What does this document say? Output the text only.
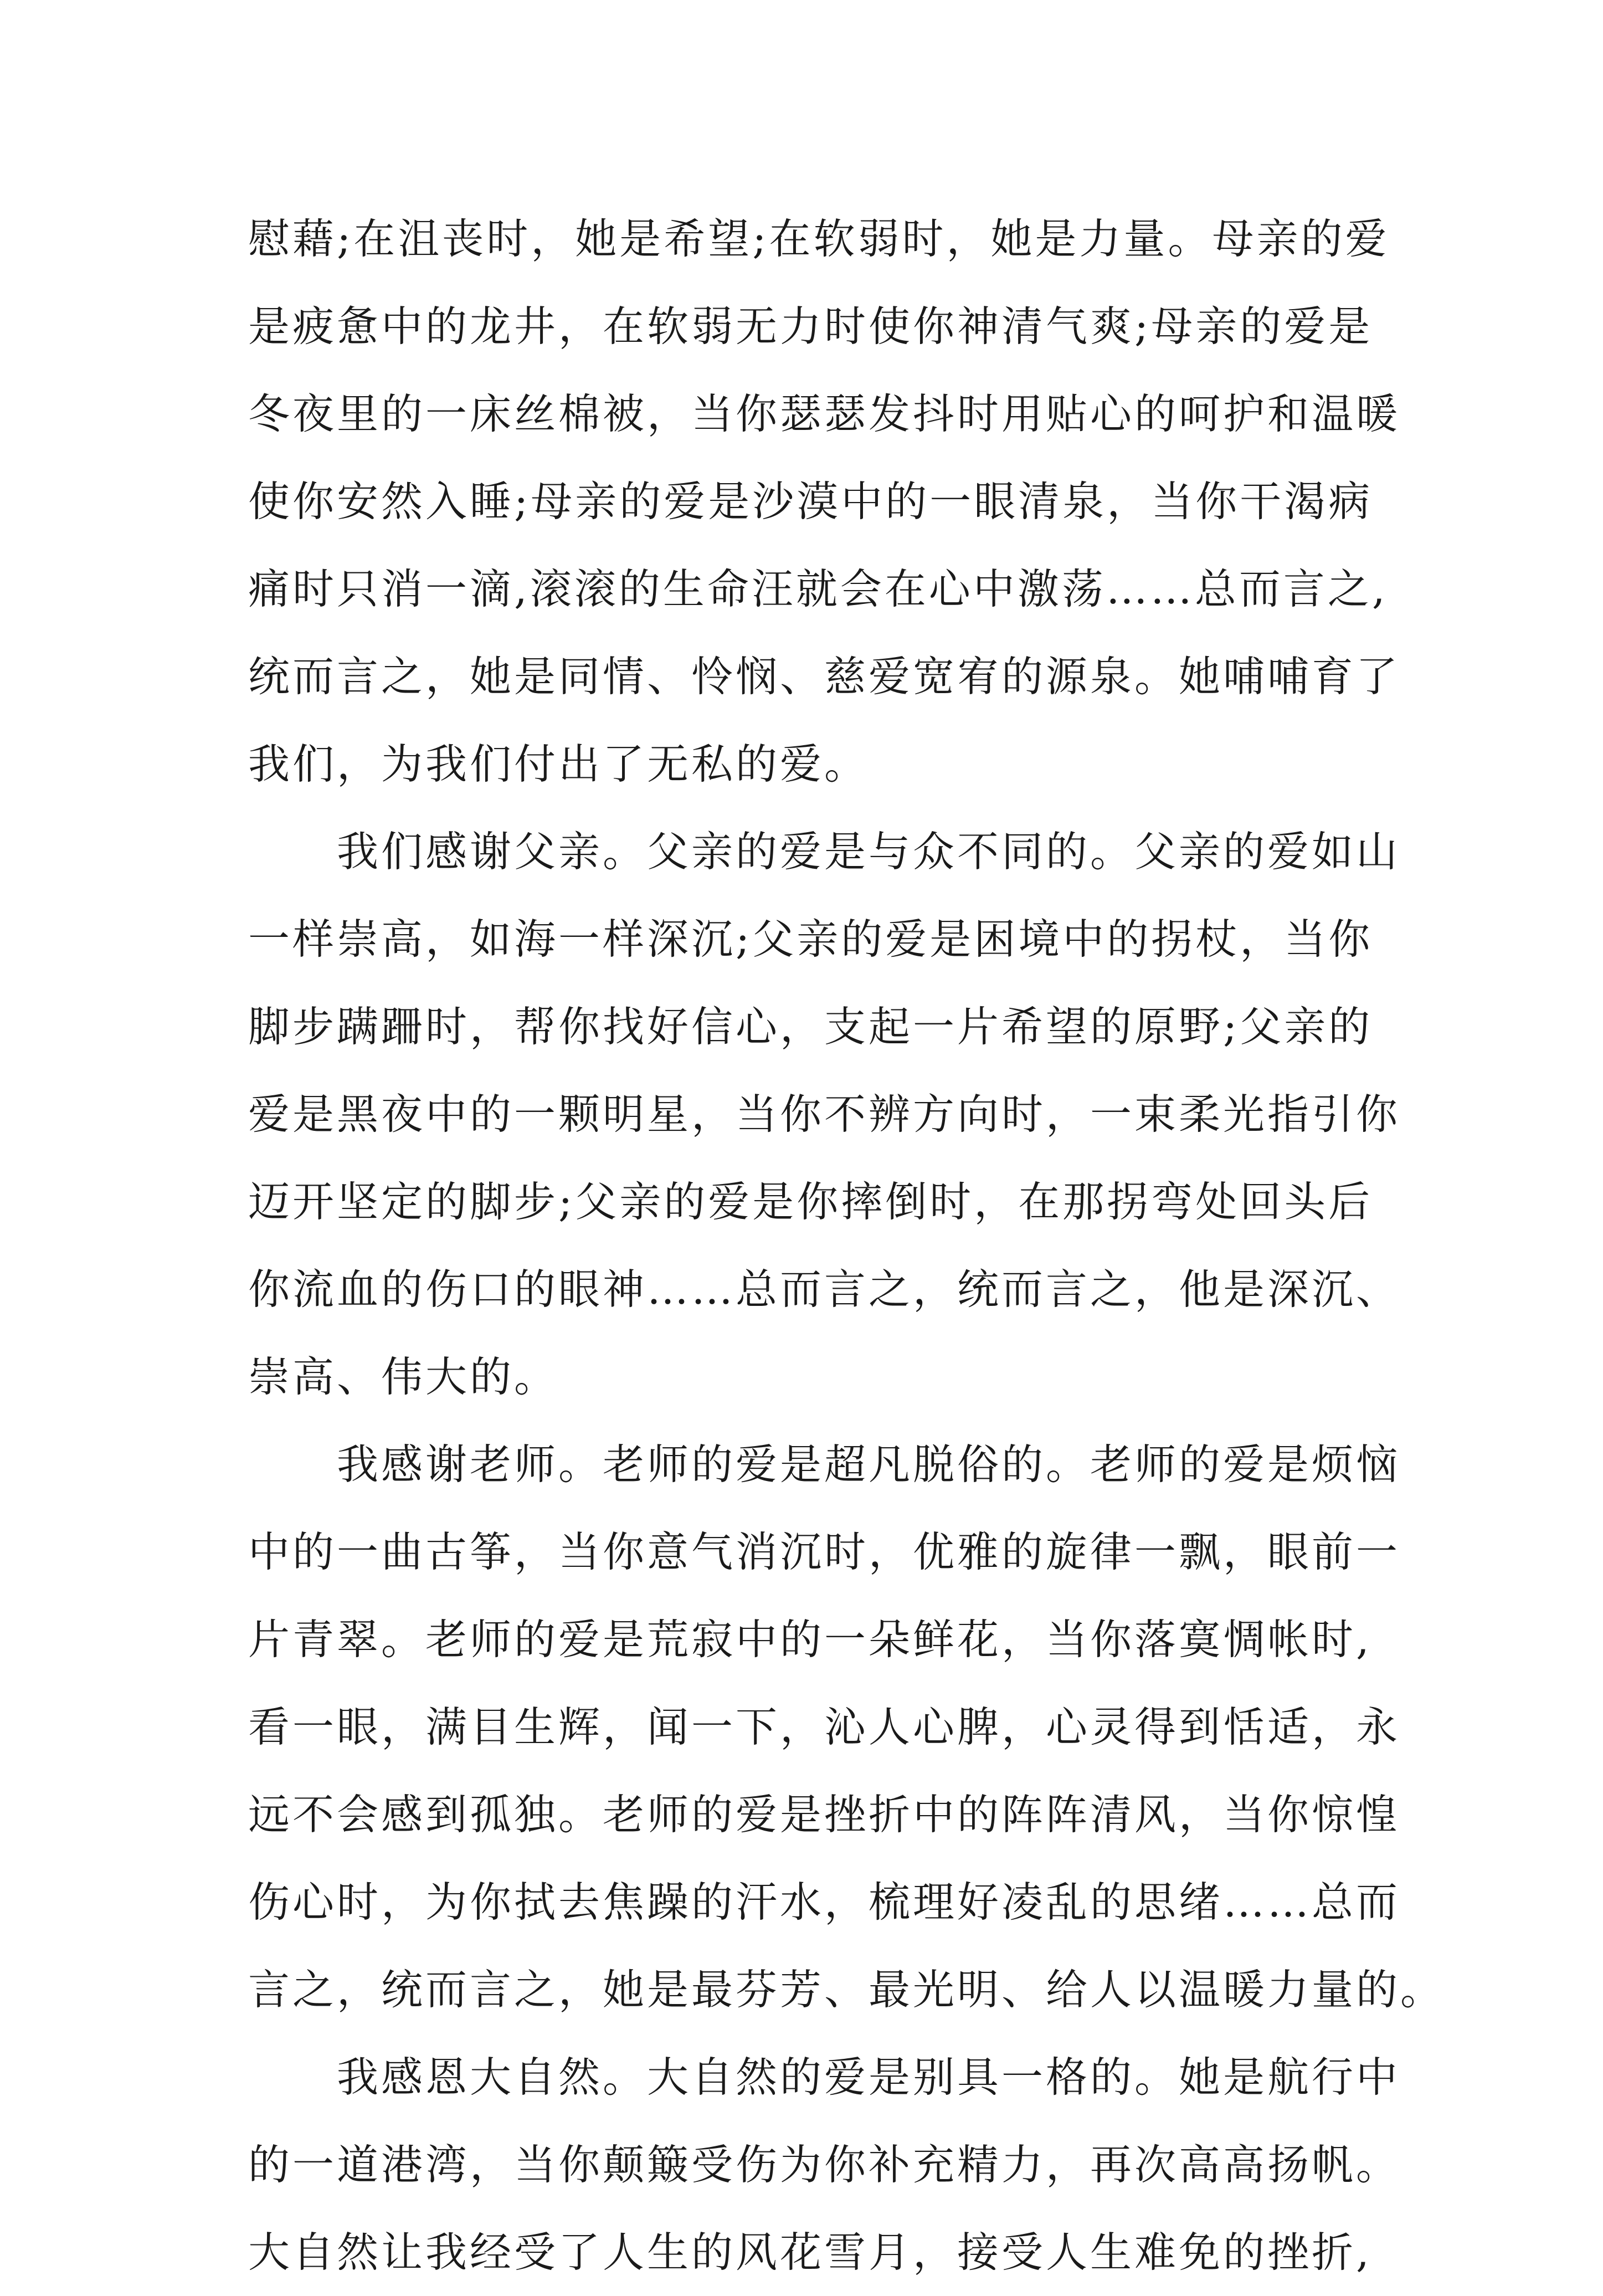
慰藉;在沮丧时，她是希望;在软弱时，她是力量。母亲的爱
是疲惫中的龙井，在软弱无力时使你神清气爽;母亲的爱是
冬夜里的一床丝棉被，当你瑟瑟发抖时用贴心的呵护和温暖
使你安然入睡;母亲的爱是沙漠中的一眼清泉，当你干渴病
痛时只消一滴,滚滚的生命汪就会在心中激荡……总而言之,
统而言之，她是同情、怜悯、慈爱宽宥的源泉。她哺哺育了
我们，为我们付出了无私的爱。
我们感谢父亲。父亲的爱是与众不同的。父亲的爱如山
一样崇高，如海一样深沉;父亲的爱是困境中的拐杖，当你
脚步蹒跚时，帮你找好信心，支起一片希望的原野;父亲的
爱是黑夜中的一颗明星，当你不辨方向时，一束柔光指引你
迈开坚定的脚步;父亲的爱是你摔倒时，在那拐弯处回头后
你流血的伤口的眼神……总而言之，统而言之，他是深沉、
崇高、伟大的。
我感谢老师。老师的爱是超凡脱俗的。老师的爱是烦恼
中的一曲古筝，当你意气消沉时，优雅的旋律一飘，眼前一
片青翠。老师的爱是荒寂中的一朵鲜花，当你落寞惆帐时,
看一眼，满目生辉，闻一下，沁人心脾，心灵得到恬适，永
远不会感到孤独。老师的爱是挫折中的阵阵清风，当你惊惶
伤心时，为你拭去焦躁的汗水，梳理好凌乱的思绪……总而
言之，统而言之，她是最芬芳、最光明、给人以温暖力量的。
我感恩大自然。大自然的爱是别具一格的。她是航行中
的一道港湾，当你颠簸受伤为你补充精力，再次高高扬帆。
大自然让我经受了人生的风花雪月，接受人生难免的挫折,
